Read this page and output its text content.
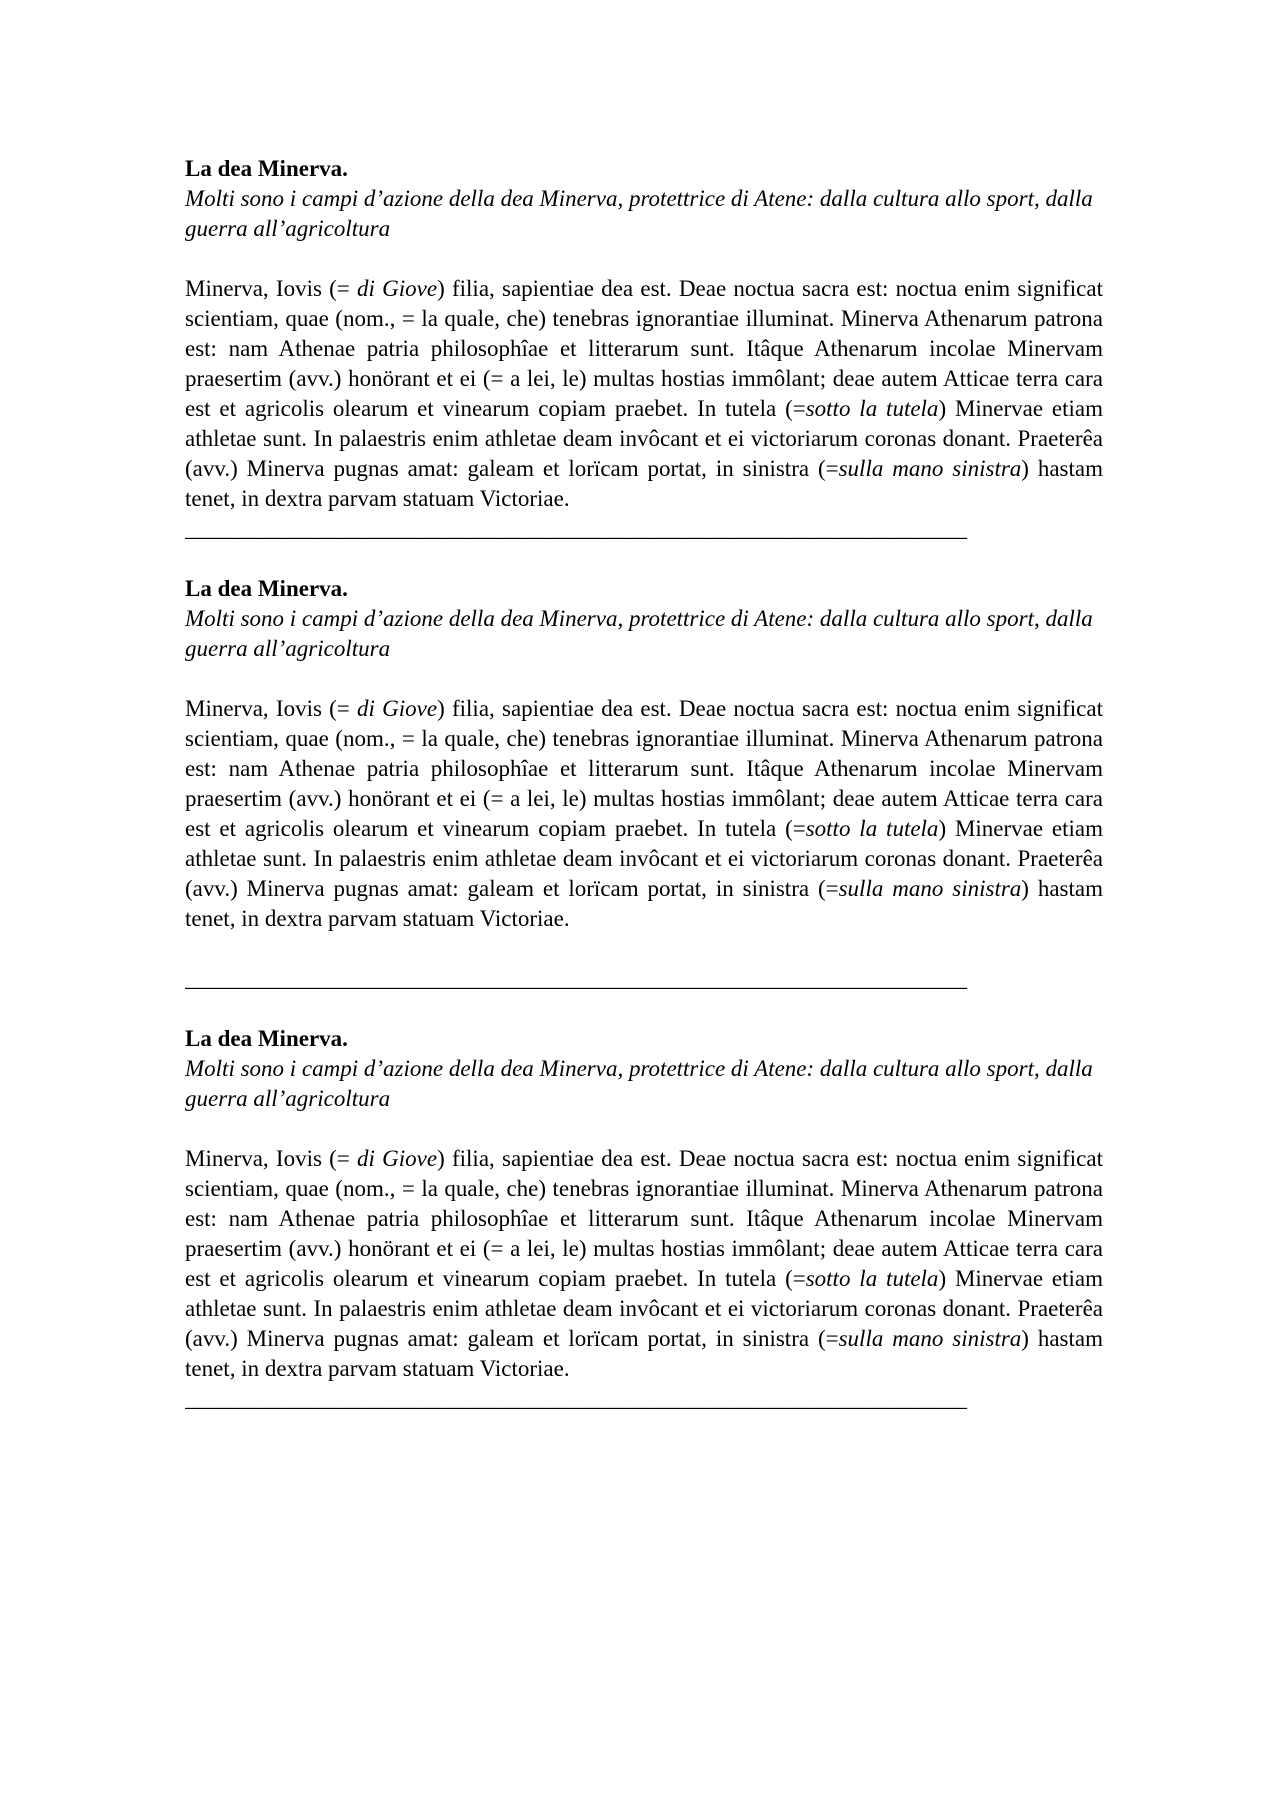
La dea Minerva.

Molti sono i campi d’azione della dea Minerva, protettrice di Atene: dalla cultura allo sport, dalla guerra all’agricoltura

Minerva, Iovis (= di Giove) filia, sapientiae dea est. Deae noctua sacra est: noctua enim significat scientiam, quae (nom., = la quale, che) tenebras ignorantiae illuminat. Minerva Athenarum patrona est: nam Athenae patria philosophîae et litterarum sunt. Itâque Athenarum incolae Minervam praesertim (avv.) honörant et ei (= a lei, le) multas hostias immôlant; deae autem Atticae terra cara est et agricolis olearum et vinearum copiam praebet. In tutela (=sotto la tutela) Minervae etiam athletae sunt. In palaestris enim athletae deam invôcant et ei victoriarum coronas donant. Praeterêa (avv.) Minerva pugnas amat: galeam et lorïcam portat, in sinistra (=sulla mano sinistra) hastam tenet, in dextra parvam statuam Victoriae.

____________________________________________________________________

La dea Minerva.

Molti sono i campi d’azione della dea Minerva, protettrice di Atene: dalla cultura allo sport, dalla guerra all’agricoltura

Minerva, Iovis (= di Giove) filia, sapientiae dea est. Deae noctua sacra est: noctua enim significat scientiam, quae (nom., = la quale, che) tenebras ignorantiae illuminat. Minerva Athenarum patrona est: nam Athenae patria philosophîae et litterarum sunt. Itâque Athenarum incolae Minervam praesertim (avv.) honörant et ei (= a lei, le) multas hostias immôlant; deae autem Atticae terra cara est et agricolis olearum et vinearum copiam praebet. In tutela (=sotto la tutela) Minervae etiam athletae sunt. In palaestris enim athletae deam invôcant et ei victoriarum coronas donant. Praeterêa (avv.) Minerva pugnas amat: galeam et lorïcam portat, in sinistra (=sulla mano sinistra) hastam tenet, in dextra parvam statuam Victoriae.

____________________________________________________________________

La dea Minerva.

Molti sono i campi d’azione della dea Minerva, protettrice di Atene: dalla cultura allo sport, dalla guerra all’agricoltura

Minerva, Iovis (= di Giove) filia, sapientiae dea est. Deae noctua sacra est: noctua enim significat scientiam, quae (nom., = la quale, che) tenebras ignorantiae illuminat. Minerva Athenarum patrona est: nam Athenae patria philosophîae et litterarum sunt. Itâque Athenarum incolae Minervam praesertim (avv.) honörant et ei (= a lei, le) multas hostias immôlant; deae autem Atticae terra cara est et agricolis olearum et vinearum copiam praebet. In tutela (=sotto la tutela) Minervae etiam athletae sunt. In palaestris enim athletae deam invôcant et ei victoriarum coronas donant. Praeterêa (avv.) Minerva pugnas amat: galeam et lorïcam portat, in sinistra (=sulla mano sinistra) hastam tenet, in dextra parvam statuam Victoriae.

____________________________________________________________________
